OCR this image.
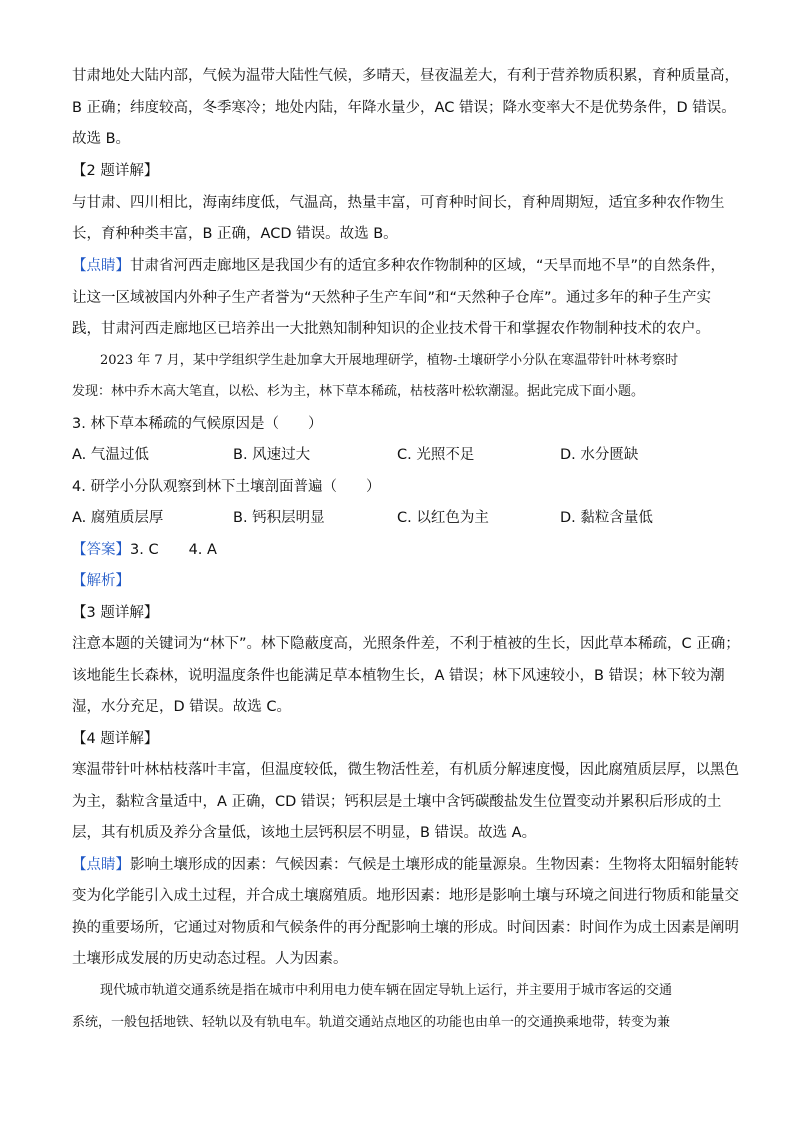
甘肃地处大陆内部，气候为温带大陆性气候，多晴天，昼夜温差大，有利于营养物质积累，育种质量高，
B 正确；纬度较高，冬季寒冷；地处内陆，年降水量少，AC 错误；降水变率大不是优势条件，D 错误。
故选 B。
【2 题详解】
与甘肃、四川相比，海南纬度低，气温高，热量丰富，可育种时间长，育种周期短，适宜多种农作物生
长，育种种类丰富，B 正确，ACD 错误。故选 B。
【点睛】甘肃省河西走廊地区是我国少有的适宜多种农作物制种的区域，“天旱而地不旱”的自然条件，
让这一区域被国内外种子生产者誉为“天然种子生产车间”和“天然种子仓库”。通过多年的种子生产实
践，甘肃河西走廊地区已培养出一大批熟知制种知识的企业技术骨干和掌握农作物制种技术的农户。
2023 年 7 月，某中学组织学生赴加拿大开展地理研学，植物-土壤研学小分队在寒温带针叶林考察时
发现：林中乔木高大笔直，以松、杉为主，林下草本稀疏，枯枝落叶松软潮湿。据此完成下面小题。
3. 林下草本稀疏的气候原因是（　　）
A. 气温过低	B. 风速过大	C. 光照不足	D. 水分匮缺
4. 研学小分队观察到林下土壤剖面普遍（　　）
A. 腐殖质层厚	B. 钙积层明显	C. 以红色为主	D. 黏粒含量低
【答案】3. C 4. A
【解析】
【3 题详解】
注意本题的关键词为“林下”。林下隐蔽度高，光照条件差，不利于植被的生长，因此草本稀疏，C 正确；
该地能生长森林，说明温度条件也能满足草本植物生长，A 错误；林下风速较小，B 错误；林下较为潮
湿，水分充足，D 错误。故选 C。
【4 题详解】
寒温带针叶林枯枝落叶丰富，但温度较低，微生物活性差，有机质分解速度慢，因此腐殖质层厚，以黑色
为主，黏粒含量适中，A 正确，CD 错误；钙积层是土壤中含钙碳酸盐发生位置变动并累积后形成的土
层，其有机质及养分含量低，该地土层钙积层不明显，B 错误。故选 A。
【点睛】影响土壤形成的因素：气候因素：气候是土壤形成的能量源泉。生物因素：生物将太阳辐射能转
变为化学能引入成土过程，并合成土壤腐殖质。地形因素：地形是影响土壤与环境之间进行物质和能量交
换的重要场所，它通过对物质和气候条件的再分配影响土壤的形成。时间因素：时间作为成土因素是阐明
土壤形成发展的历史动态过程。人为因素。
现代城市轨道交通系统是指在城市中利用电力使车辆在固定导轨上运行，并主要用于城市客运的交通
系统，一般包括地铁、轻轨以及有轨电车。轨道交通站点地区的功能也由单一的交通换乘地带，转变为兼
